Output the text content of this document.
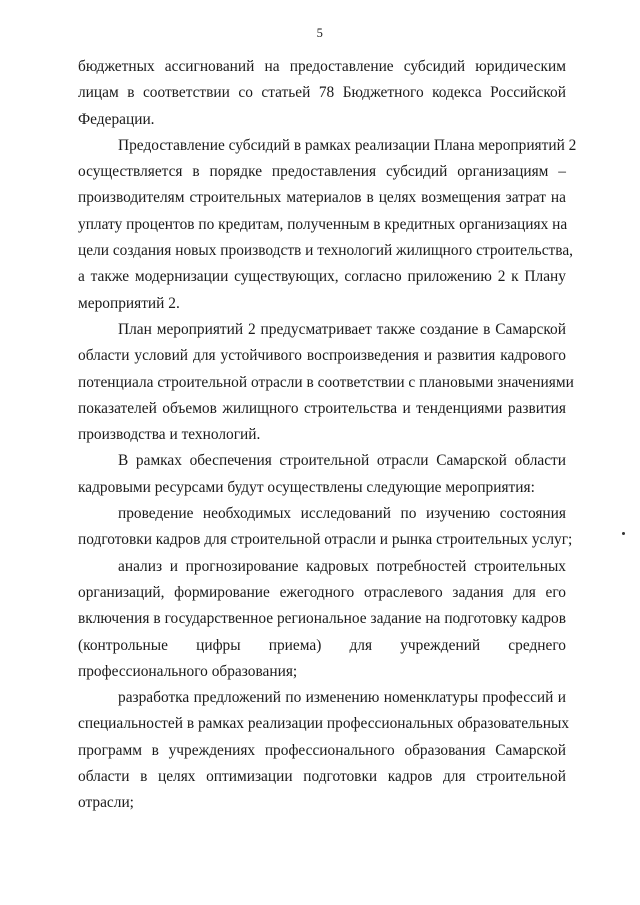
5
бюджетных ассигнований на предоставление субсидий юридическим
лицам в соответствии со статьей 78 Бюджетного кодекса Российской
Федерации.
Предоставление субсидий в рамках реализации Плана мероприятий 2
осуществляется в порядке предоставления субсидий организациям –
производителям строительных материалов в целях возмещения затрат на
уплату процентов по кредитам, полученным в кредитных организациях на
цели создания новых производств и технологий жилищного строительства,
а также модернизации существующих, согласно приложению 2 к Плану
мероприятий 2.
План мероприятий 2 предусматривает также создание в Самарской
области условий для устойчивого воспроизведения и развития кадрового
потенциала строительной отрасли в соответствии с плановыми значениями
показателей объемов жилищного строительства и тенденциями развития
производства и технологий.
В рамках обеспечения строительной отрасли Самарской области
кадровыми ресурсами будут осуществлены следующие мероприятия:
проведение необходимых исследований по изучению состояния
подготовки кадров для строительной отрасли и рынка строительных услуг;
анализ и прогнозирование кадровых потребностей строительных
организаций, формирование ежегодного отраслевого задания для его
включения в государственное региональное задание на подготовку кадров
(контрольные цифры приема) для учреждений среднего
профессионального образования;
разработка предложений по изменению номенклатуры профессий и
специальностей в рамках реализации профессиональных образовательных
программ в учреждениях профессионального образования Самарской
области в целях оптимизации подготовки кадров для строительной
отрасли;
